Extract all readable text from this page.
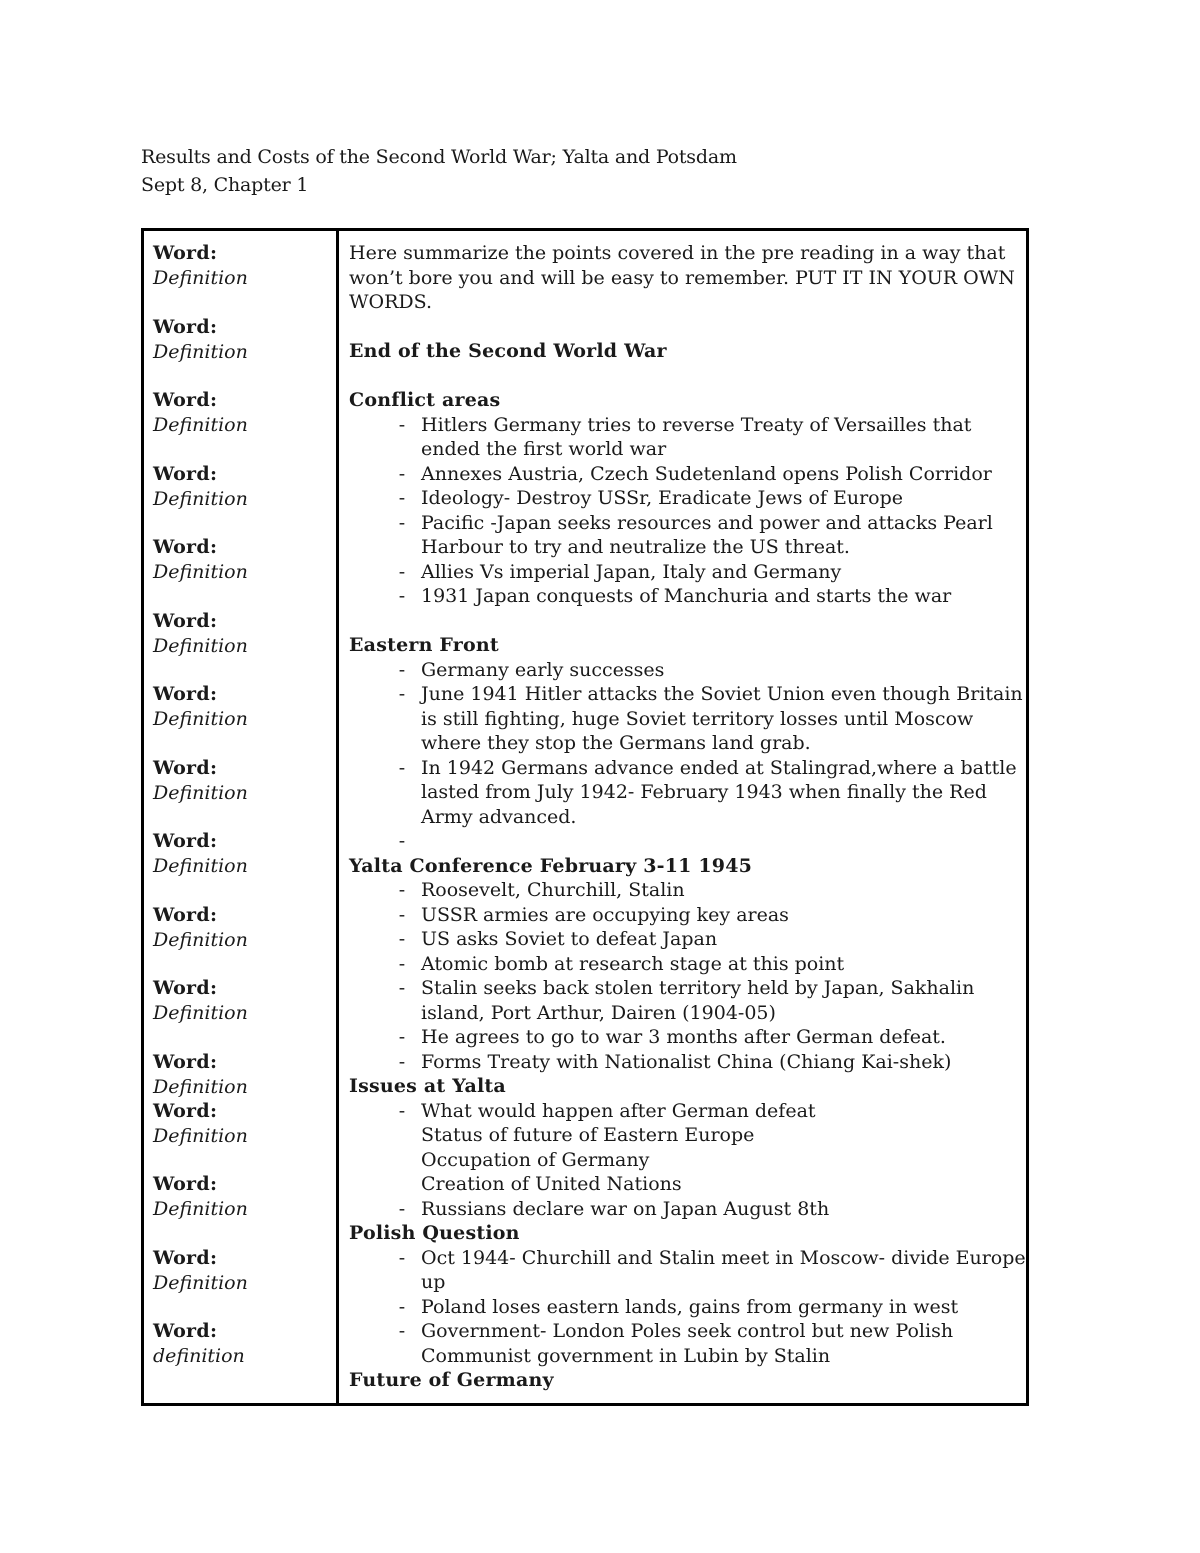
Results and Costs of the Second World War; Yalta and Potsdam
Sept 8, Chapter 1
Word:
Definition
Word:
Definition
Word:
Definition
Word:
Definition
Word:
Definition
Word:
Definition
Word:
Definition
Word:
Definition
Word:
Definition
Word:
Definition
Word:
Definition
Word:
Definition
Word:
Definition
Word:
Definition
Word:
Definition
Word:
definition
Here summarize the points covered in the pre reading in a way that
won’t bore you and will be easy to remember. PUT IT IN YOUR OWN
WORDS.
End of the Second World War
Conflict areas
- Hitlers Germany tries to reverse Treaty of Versailles that
ended the first world war
- Annexes Austria, Czech Sudetenland opens Polish Corridor
- Ideology- Destroy USSr, Eradicate Jews of Europe
- Pacific -Japan seeks resources and power and attacks Pearl
Harbour to try and neutralize the US threat.
- Allies Vs imperial Japan, Italy and Germany
- 1931 Japan conquests of Manchuria and starts the war
Eastern Front
- Germany early successes
- June 1941 Hitler attacks the Soviet Union even though Britain
is still fighting, huge Soviet territory losses until Moscow
where they stop the Germans land grab.
- In 1942 Germans advance ended at Stalingrad,where a battle
lasted from July 1942- February 1943 when finally the Red
Army advanced.
-
Yalta Conference February 3-11 1945
- Roosevelt, Churchill, Stalin
- USSR armies are occupying key areas
- US asks Soviet to defeat Japan
- Atomic bomb at research stage at this point
- Stalin seeks back stolen territory held by Japan, Sakhalin
island, Port Arthur, Dairen (1904-05)
- He agrees to go to war 3 months after German defeat.
- Forms Treaty with Nationalist China (Chiang Kai-shek)
Issues at Yalta
- What would happen after German defeat
Status of future of Eastern Europe
Occupation of Germany
Creation of United Nations
- Russians declare war on Japan August 8th
Polish Question
- Oct 1944- Churchill and Stalin meet in Moscow- divide Europe
up
- Poland loses eastern lands, gains from germany in west
- Government- London Poles seek control but new Polish
Communist government in Lubin by Stalin
Future of Germany
